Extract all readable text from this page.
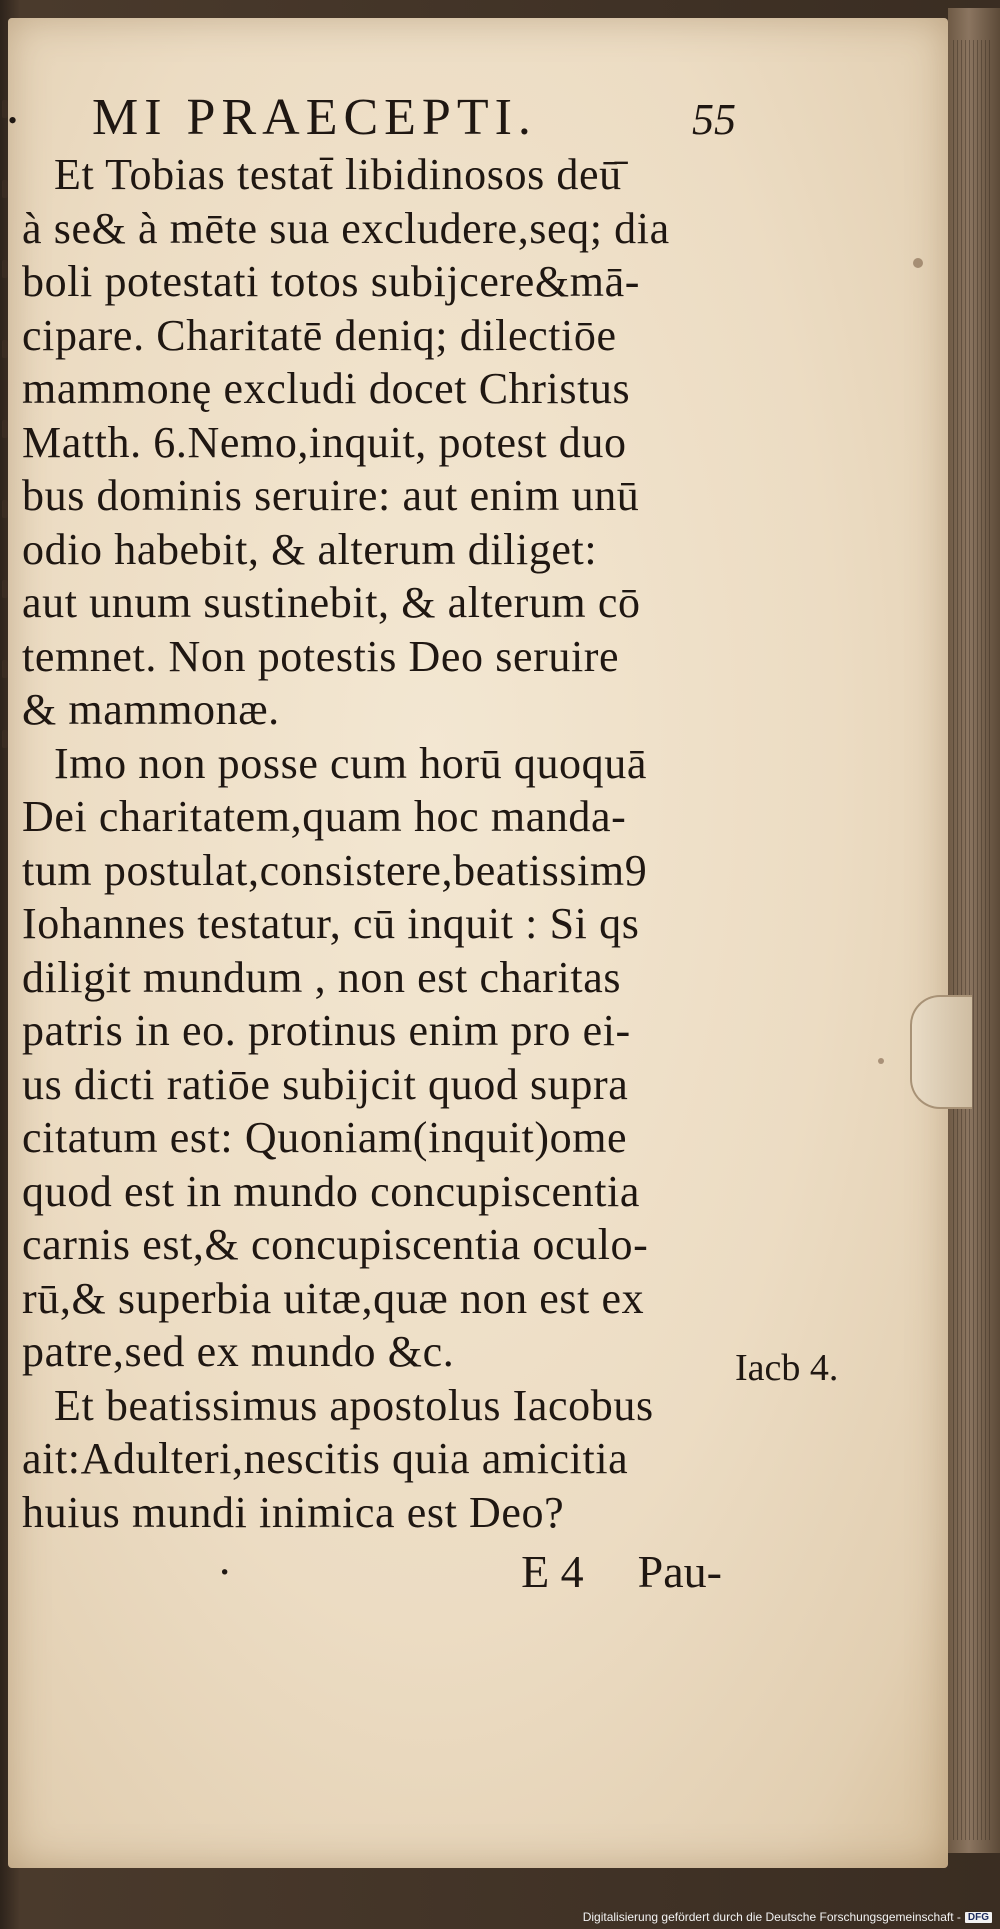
• MI PRAECEPTI.	55
Et Tobias testat̄ libidinosos deū̄
à se& à mēte sua excludere,seq; dia
boli potestati totos subijcere&mā‐
cipare. Charitatē deniq; dilectiōe
mammonę excludi docet Christus
Matth. 6.Nemo,inquit, potest duo
bus dominis seruire: aut enim unū
odio habebit, & alterum diliget:
aut unum sustinebit, & alterum cō
temnet. Non potestis Deo seruire
& mammonæ.
Imo non posse cum horū quoquā
Dei charitatem,quam hoc manda‐
tum postulat,consistere,beatissim9
Iohannes testatur, cū inquit : Si qs
diligit mundum , non est charitas
patris in eo. protinus enim pro ei‐
us dicti ratiōe subijcit quod supra
citatum est: Quoniam(inquit)ome
quod est in mundo concupiscentia
carnis est,& concupiscentia oculo‐
rū,& superbia uitæ,quæ non est ex
patre,sed ex mundo &c.
Et beatissimus apostolus Iacobus
ait:Adulteri,nescitis quia amicitia
huius mundi inimica est Deo?
·	E 4 Pau‐
Iacb 4.
Digitalisierung gefördert durch die Deutsche Forschungsgemeinschaft - DFG
